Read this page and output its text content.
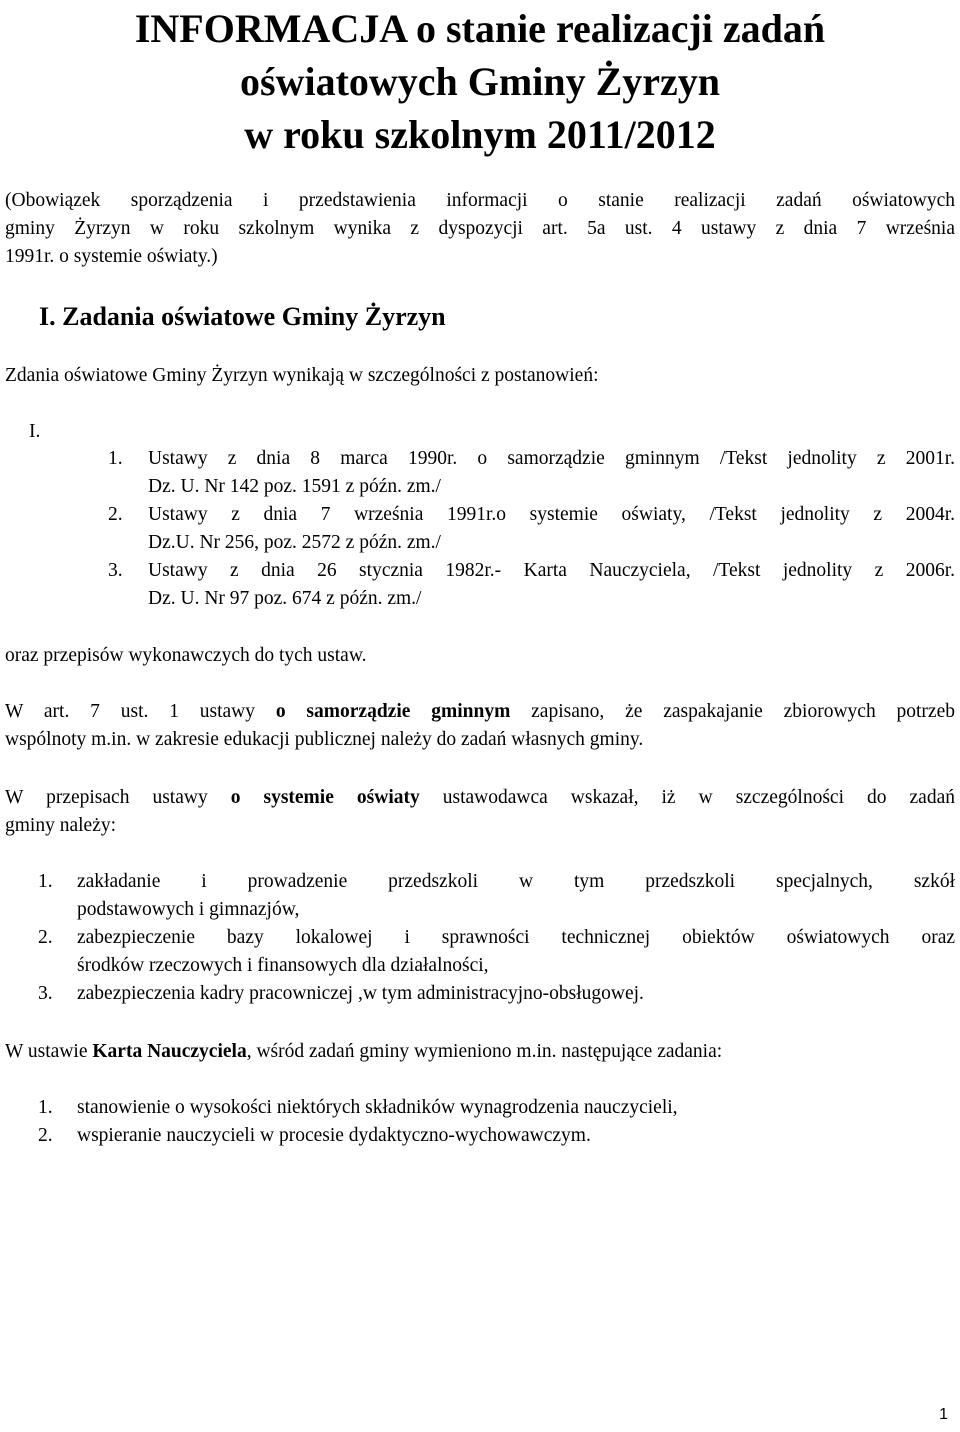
INFORMACJA o stanie realizacji zadań
oświatowych Gminy Żyrzyn
w roku szkolnym 2011/2012
(Obowiązek sporządzenia i przedstawienia informacji o stanie realizacji zadań oświatowych
gminy Żyrzyn w roku szkolnym wynika z dyspozycji art. 5a ust. 4 ustawy z dnia 7 września
1991r. o systemie oświaty.)
I. Zadania oświatowe Gminy Żyrzyn
Zdania oświatowe Gminy Żyrzyn wynikają w szczególności z postanowień:
I.
1. Ustawy z dnia 8 marca 1990r. o samorządzie gminnym /Tekst jednolity z 2001r.
Dz. U. Nr 142 poz. 1591 z późn. zm./
2. Ustawy z dnia 7 września 1991r.o systemie oświaty, /Tekst jednolity z 2004r.
Dz.U. Nr 256, poz. 2572 z późn. zm./
3. Ustawy z dnia 26 stycznia 1982r.- Karta Nauczyciela, /Tekst jednolity z 2006r.
Dz. U. Nr 97 poz. 674 z późn. zm./
oraz przepisów wykonawczych do tych ustaw.
W art. 7 ust. 1 ustawy o samorządzie gminnym zapisano, że zaspakajanie zbiorowych potrzeb
wspólnoty m.in. w zakresie edukacji publicznej należy do zadań własnych gminy.
W przepisach ustawy o systemie oświaty ustawodawca wskazał, iż w szczególności do zadań
gminy należy:
1. zakładanie i prowadzenie przedszkoli w tym przedszkoli specjalnych, szkół
podstawowych i gimnazjów,
2. zabezpieczenie bazy lokalowej i sprawności technicznej obiektów oświatowych oraz
środków rzeczowych i finansowych dla działalności,
3. zabezpieczenia kadry pracowniczej ,w tym administracyjno-obsługowej.
W ustawie Karta Nauczyciela, wśród zadań gminy wymieniono m.in. następujące zadania:
1. stanowienie o wysokości niektórych składników wynagrodzenia nauczycieli,
2. wspieranie nauczycieli w procesie dydaktyczno-wychowawczym.
1
